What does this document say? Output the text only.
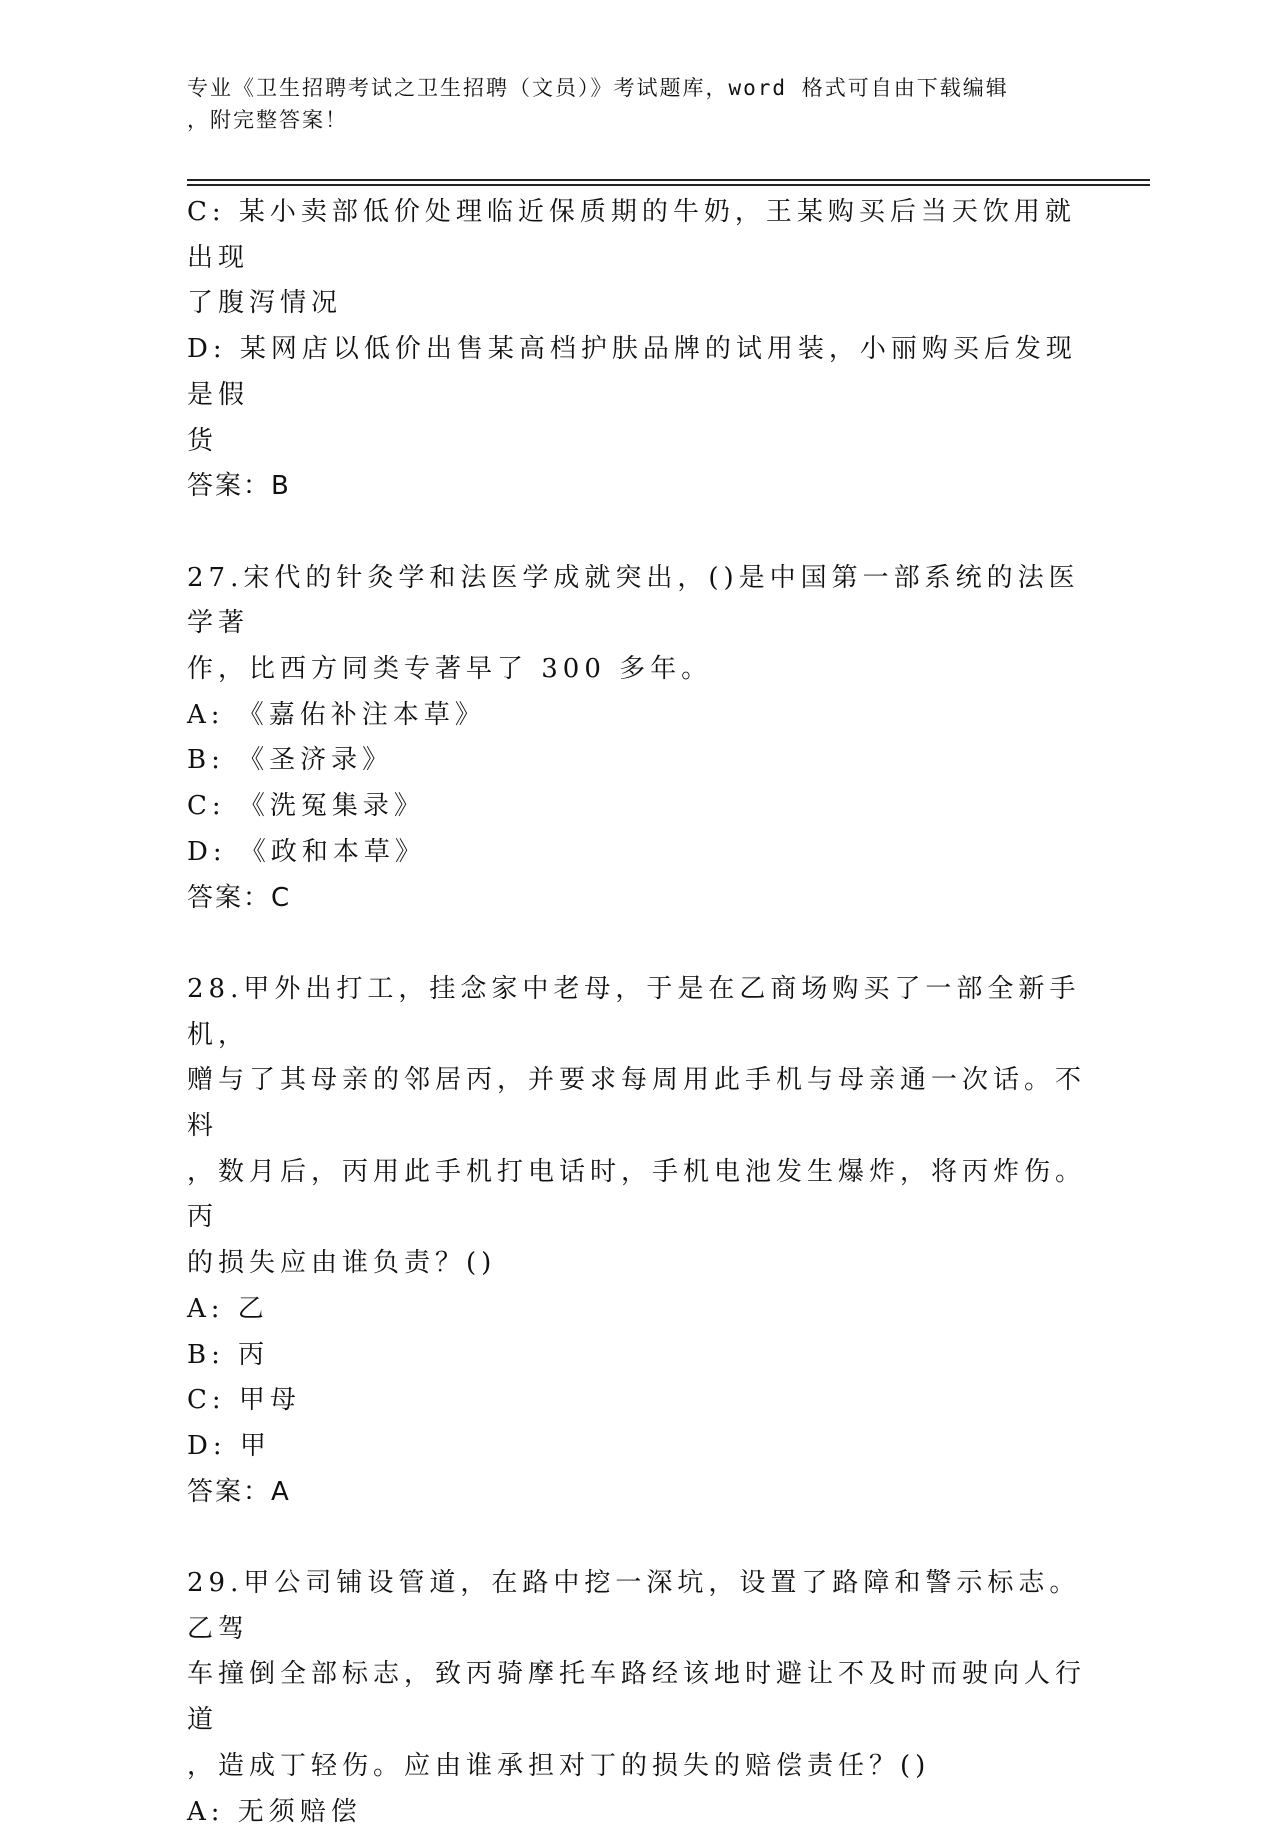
专业《卫生招聘考试之卫生招聘（文员）》考试题库，word 格式可自由下载编辑
，附完整答案！

C: 某小卖部低价处理临近保质期的牛奶，王某购买后当天饮用就出现

了腹泻情况

D: 某网店以低价出售某高档护肤品牌的试用装，小丽购买后发现是假

货

答案：B

27.宋代的针灸学和法医学成就突出，()是中国第一部系统的法医学著

作，比西方同类专著早了 300 多年。

A: 《嘉佑补注本草》

B: 《圣济录》

C: 《洗冤集录》

D: 《政和本草》

答案：C

28.甲外出打工，挂念家中老母，于是在乙商场购买了一部全新手机，

赠与了其母亲的邻居丙，并要求每周用此手机与母亲通一次话。不料

，数月后，丙用此手机打电话时，手机电池发生爆炸，将丙炸伤。丙

的损失应由谁负责？()

A: 乙

B: 丙

C: 甲母

D: 甲

答案：A

29.甲公司铺设管道，在路中挖一深坑，设置了路障和警示标志。乙驾

车撞倒全部标志，致丙骑摩托车路经该地时避让不及时而驶向人行道

，造成丁轻伤。应由谁承担对丁的损失的赔偿责任？()

A: 无须赔偿
